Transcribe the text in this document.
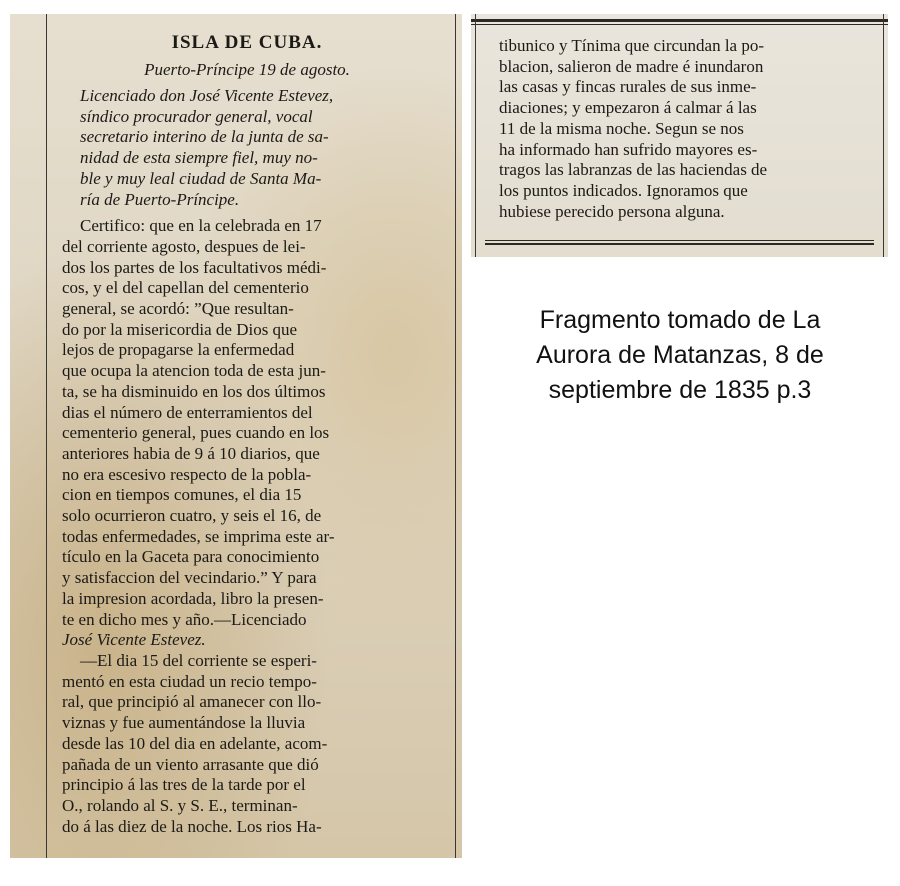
ISLA DE CUBA.
Puerto-Príncipe 19 de agosto.
Licenciado don José Vicente Estevez,
síndico procurador general, vocal
secretario interino de la junta de sa-
nidad de esta siempre fiel, muy no-
ble y muy leal ciudad de Santa Ma-
ría de Puerto-Príncipe.
Certifico: que en la celebrada en 17
del corriente agosto, despues de lei-
dos los partes de los facultativos médi-
cos, y el del capellan del cementerio
general, se acordó: ”Que resultan-
do por la misericordia de Dios que
lejos de propagarse la enfermedad
que ocupa la atencion toda de esta jun-
ta, se ha disminuido en los dos últimos
dias el número de enterramientos del
cementerio general, pues cuando en los
anteriores habia de 9 á 10 diarios, que
no era escesivo respecto de la pobla-
cion en tiempos comunes, el dia 15
solo ocurrieron cuatro, y seis el 16, de
todas enfermedades, se imprima este ar-
tículo en la Gaceta para conocimiento
y satisfaccion del vecindario.” Y para
la impresion acordada, libro la presen-
te en dicho mes y año.—Licenciado
José Vicente Estevez.
—El dia 15 del corriente se esperi-
mentó en esta ciudad un recio tempo-
ral, que principió al amanecer con llo-
viznas y fue aumentándose la lluvia
desde las 10 del dia en adelante, acom-
pañada de un viento arrasante que dió
principio á las tres de la tarde por el
O., rolando al S. y S. E., terminan-
do á las diez de la noche. Los rios Ha-
tibunico y Tínima que circundan la po-
blacion, salieron de madre é inundaron
las casas y fincas rurales de sus inme-
diaciones; y empezaron á calmar á las
11 de la misma noche. Segun se nos
ha informado han sufrido mayores es-
tragos las labranzas de las haciendas de
los puntos indicados. Ignoramos que
hubiese perecido persona alguna.
Fragmento tomado de La
Aurora de Matanzas, 8 de
septiembre de 1835 p.3
